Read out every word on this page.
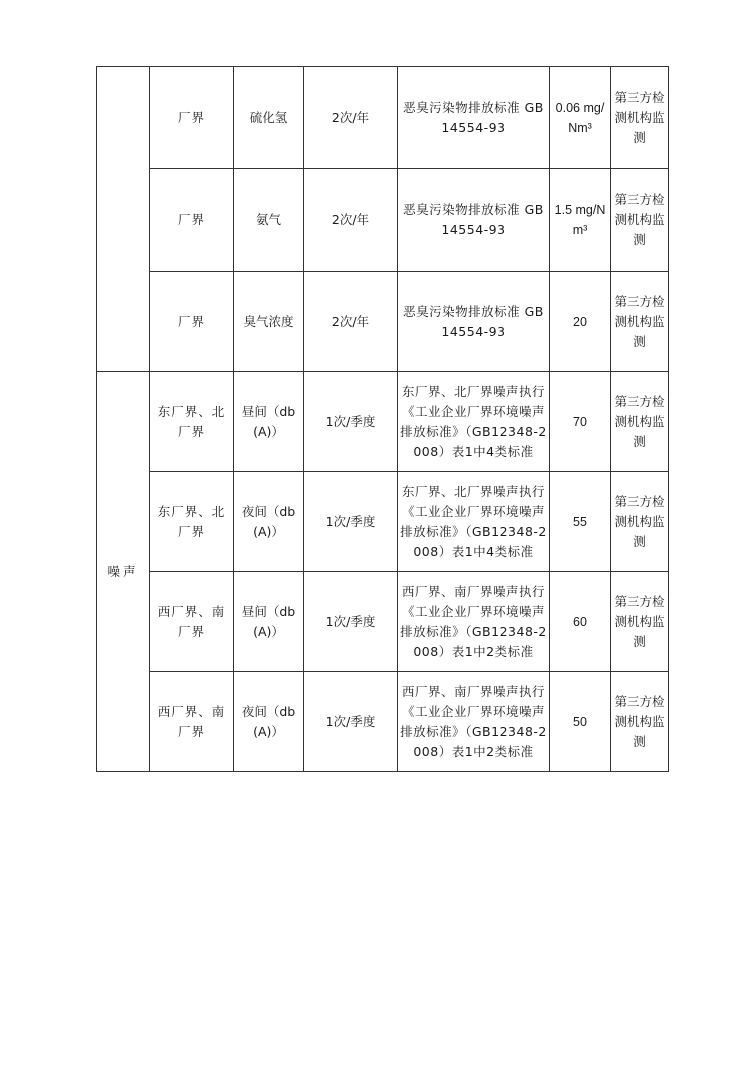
	厂界	硫化氢	2次/年	恶臭污染物排放标准 GB 14554-93	0.06 mg/Nm³	第三方检测机构监测
	厂界	氨气	2次/年	恶臭污染物排放标准 GB 14554-93	1.5 mg/Nm³	第三方检测机构监测
	厂界	臭气浓度	2次/年	恶臭污染物排放标准 GB 14554-93	20	第三方检测机构监测
噪声	东厂界、北厂界	昼间（db(A)）	1次/季度	东厂界、北厂界噪声执行《工业企业厂界环境噪声排放标准》（GB12348-2008）表1中4类标准	70	第三方检测机构监测
	东厂界、北厂界	夜间（db(A)）	1次/季度	东厂界、北厂界噪声执行《工业企业厂界环境噪声排放标准》（GB12348-2008）表1中4类标准	55	第三方检测机构监测
	西厂界、南厂界	昼间（db(A)）	1次/季度	西厂界、南厂界噪声执行《工业企业厂界环境噪声排放标准》（GB12348-2008）表1中2类标准	60	第三方检测机构监测
	西厂界、南厂界	夜间（db(A)）	1次/季度	西厂界、南厂界噪声执行《工业企业厂界环境噪声排放标准》（GB12348-2008）表1中2类标准	50	第三方检测机构监测
